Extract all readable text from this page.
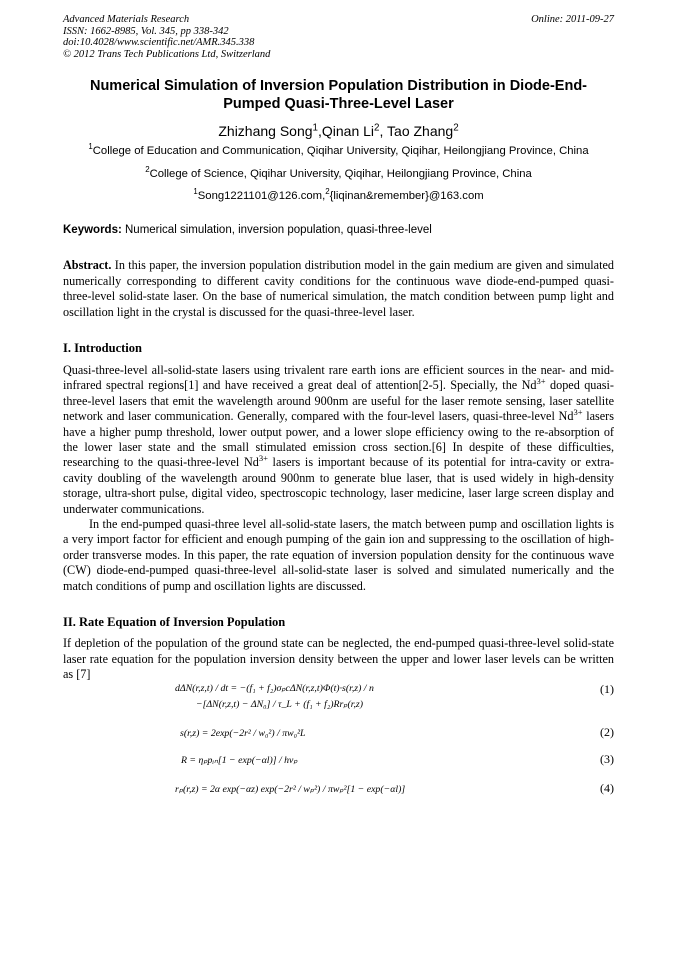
Advanced Materials Research
ISSN: 1662-8985, Vol. 345, pp 338-342
doi:10.4028/www.scientific.net/AMR.345.338
© 2012 Trans Tech Publications Ltd, Switzerland
Online: 2011-09-27
Numerical Simulation of Inversion Population Distribution in Diode-End-Pumped Quasi-Three-Level Laser
Zhizhang Song$^1$,Qinan Li$^2$, Tao Zhang$^2$
$^1$College of Education and Communication, Qiqihar University, Qiqihar, Heilongjiang Province, China
$^2$College of Science, Qiqihar University, Qiqihar, Heilongjiang Province, China
$^1$Song1221101@126.com,$^2${liqinan&remember}@163.com
Keywords: Numerical simulation, inversion population, quasi-three-level
Abstract. In this paper, the inversion population distribution model in the gain medium are given and simulated numerically corresponding to different cavity conditions for the continuous wave diode-end-pumped quasi-three-level solid-state laser. On the base of numerical simulation, the match condition between pump light and oscillation light in the crystal is discussed for the quasi-three-level laser.
I. Introduction
Quasi-three-level all-solid-state lasers using trivalent rare earth ions are efficient sources in the near- and mid-infrared spectral regions[1] and have received a great deal of attention[2-5]. Specially, the $Nd^{3+}$ doped quasi-three-level lasers that emit the wavelength around 900nm are useful for the laser remote sensing, laser satellite network and laser communication. Generally, compared with the four-level lasers, quasi-three-level $Nd^{3+}$ lasers have a higher pump threshold, lower output power, and a lower slope efficiency owing to the re-absorption of the lower laser state and the small stimulated emission cross section.[6] In despite of these difficulties, researching to the quasi-three-level $Nd^{3+}$ lasers is important because of its potential for intra-cavity or extra-cavity doubling of the wavelength around 900nm to generate blue laser, that is used widely in high-density storage, ultra-short pulse, digital video, spectroscopic technology, laser medicine, laser large screen display and underwater communications.
In the end-pumped quasi-three level all-solid-state lasers, the match between pump and oscillation lights is a very import factor for efficient and enough pumping of the gain ion and suppressing to the oscillation of high-order transverse modes. In this paper, the rate equation of inversion population density for the continuous wave (CW) diode-end-pumped quasi-three-level all-solid-state laser is solved and simulated numerically and the match conditions of pump and oscillation lights are discussed.
II. Rate Equation of Inversion Population
If depletion of the population of the ground state can be neglected, the end-pumped quasi-three-level solid-state laser rate equation for the population inversion density between the upper and lower laser levels can be written as [7]
dΔN(r,z,t) / dt = −(f₁ + f₂)σₚcΔN(r,z,t)Φ(t)·s(r,z) / n	(1)
−[ΔN(r,z,t) − ΔN₀] / τ_L + (f₁ + f₂)Rrₚ(r,z)
s(r,z) = 2exp(−2r² / w₀²) / πw₀²L	(2)
R = ηₚpᵢₙ[1 − exp(−αl)] / hνₚ	(3)
rₚ(r,z) = 2α exp(−αz) exp(−2r² / wₚ²) / πwₚ²[1 − exp(−αl)]	(4)
